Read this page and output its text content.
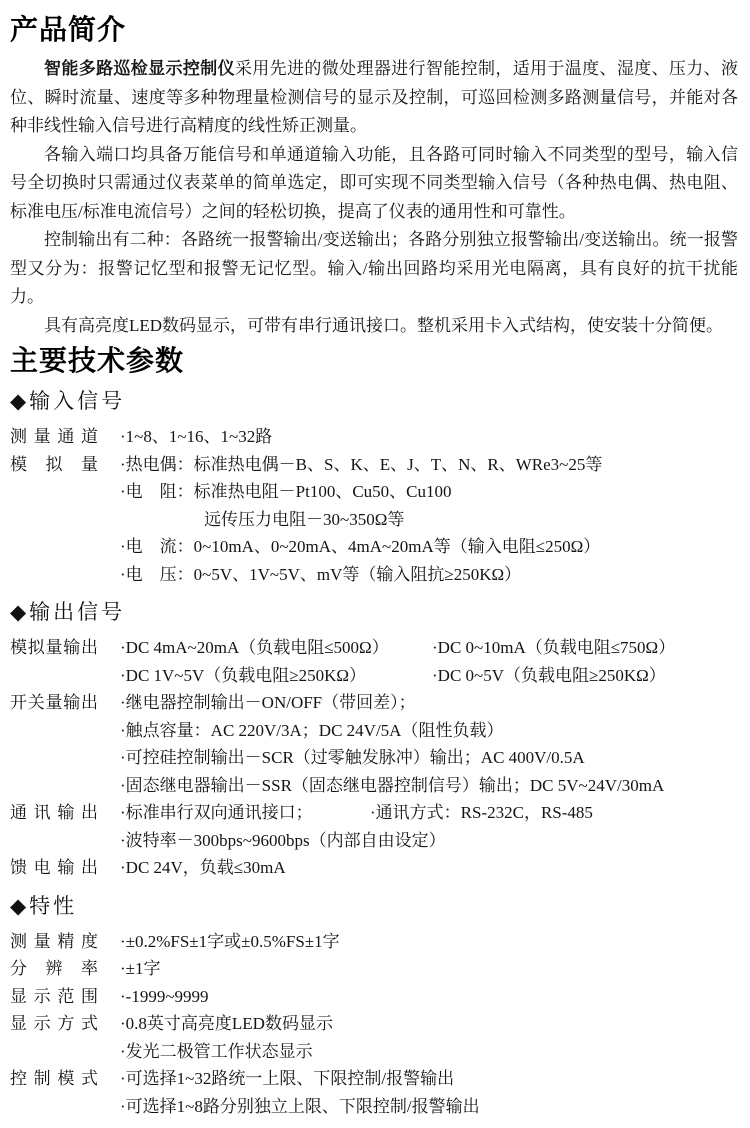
产品简介

智能多路巡检显示控制仪采用先进的微处理器进行智能控制，适用于温度、湿度、压力、液位、瞬时流量、速度等多种物理量检测信号的显示及控制，可巡回检测多路测量信号，并能对各种非线性输入信号进行高精度的线性矫正测量。

各输入端口均具备万能信号和单通道输入功能，且各路可同时输入不同类型的型号，输入信号全切换时只需通过仪表菜单的简单选定，即可实现不同类型输入信号（各种热电偶、热电阻、标准电压/标准电流信号）之间的轻松切换，提高了仪表的通用性和可靠性。

控制输出有二种：各路统一报警输出/变送输出；各路分别独立报警输出/变送输出。统一报警型又分为：报警记忆型和报警无记忆型。输入/输出回路均采用光电隔离，具有良好的抗干扰能力。

具有高亮度LED数码显示，可带有串行通讯接口。整机采用卡入式结构，使安装十分简便。

主要技术参数
◆输入信号
测量通道 ·1~8、1~16、1~32路
模拟量 ·热电偶：标准热电偶－B、S、K、E、J、T、N、R、WRe3~25等
·电　阻：标准热电阻－Pt100、Cu50、Cu100
远传压力电阻－30~350Ω等
·电　流：0~10mA、0~20mA、4mA~20mA等（输入电阻≤250Ω）
·电　压：0~5V、1V~5V、mV等（输入阻抗≥250KΩ）
◆输出信号
模拟量输出 ·DC 4mA~20mA（负载电阻≤500Ω）	·DC 0~10mA（负载电阻≤750Ω）
·DC 1V~5V（负载电阻≥250KΩ）	·DC 0~5V（负载电阻≥250KΩ）
开关量输出 ·继电器控制输出－ON/OFF（带回差）；
·触点容量：AC 220V/3A；DC 24V/5A（阻性负载）
·可控硅控制输出－SCR（过零触发脉冲）输出；AC 400V/0.5A
·固态继电器输出－SSR（固态继电器控制信号）输出；DC 5V~24V/30mA
通讯输出 ·标准串行双向通讯接口；	·通讯方式：RS-232C，RS-485
·波特率－300bps~9600bps（内部自由设定）
馈电输出 ·DC 24V，负载≤30mA
◆特性
测量精度 ·±0.2%FS±1字或±0.5%FS±1字
分辨率 ·±1字
显示范围 ·-1999~9999
显示方式 ·0.8英寸高亮度LED数码显示
·发光二极管工作状态显示
控制模式 ·可选择1~32路统一上限、下限控制/报警输出
·可选择1~8路分别独立上限、下限控制/报警输出
